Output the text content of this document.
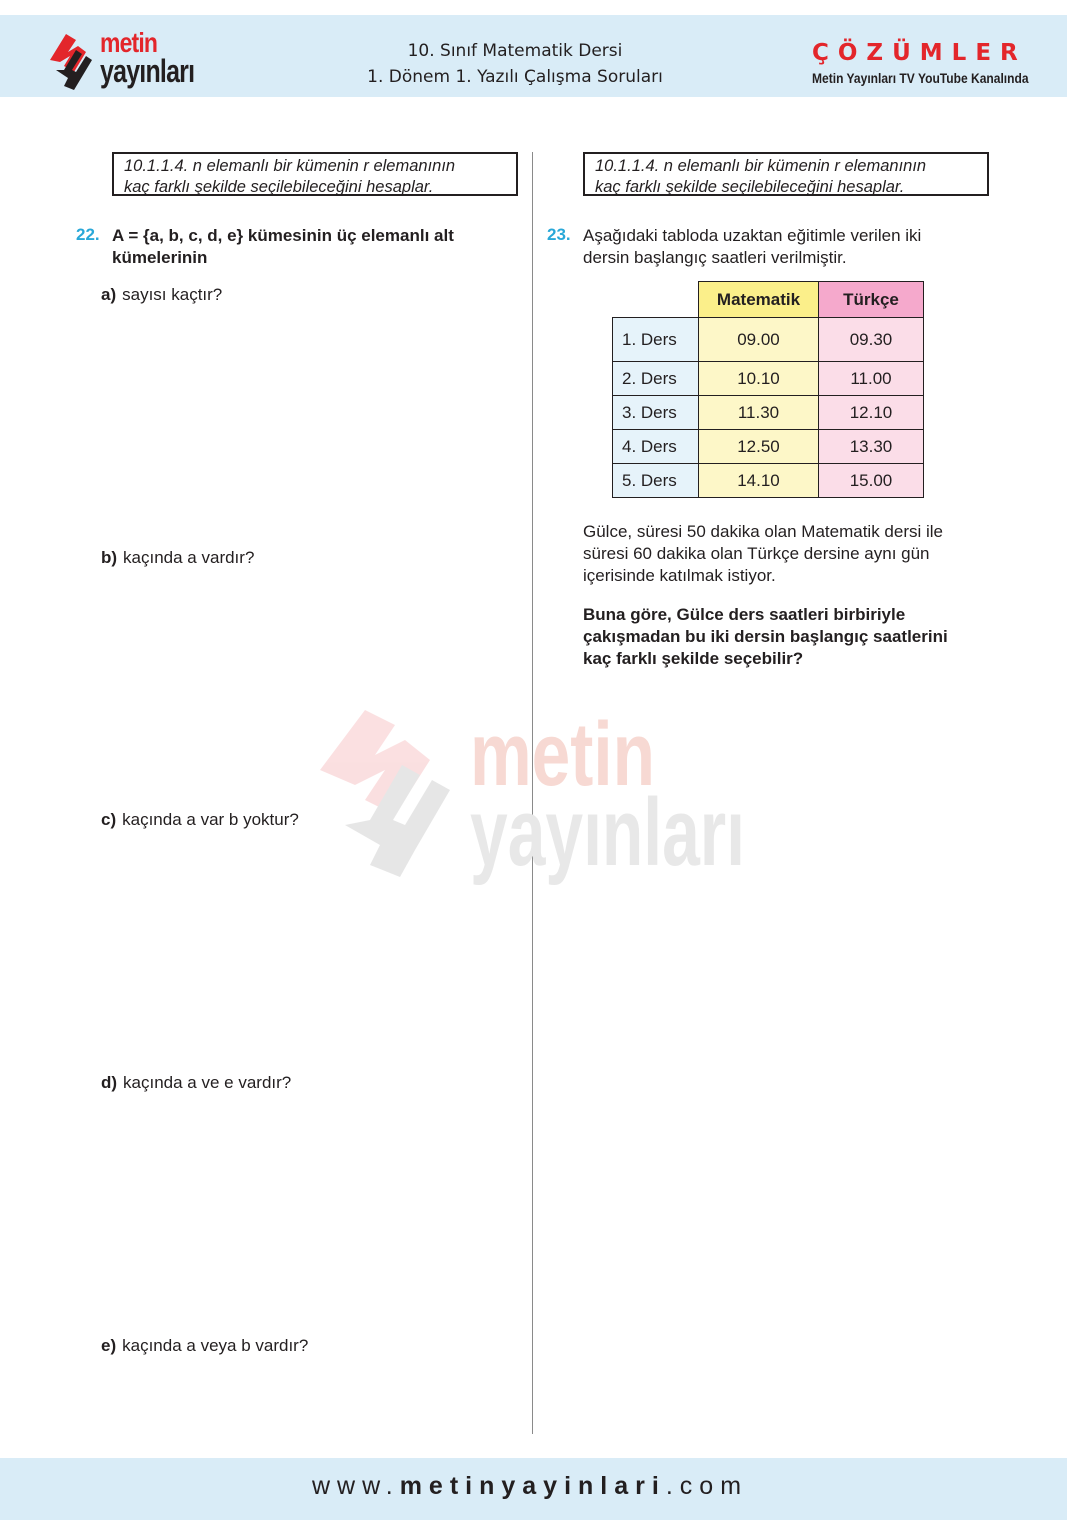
metin
yayınları
10. Sınıf Matematik Dersi
1. Dönem 1. Yazılı Çalışma Soruları
ÇÖZÜMLER
Metin Yayınları TV YouTube Kanalında
10.1.1.4. n elemanlı bir kümenin r elemanının
kaç farklı şekilde seçilebileceğini hesaplar.
22. A = {a, b, c, d, e} kümesinin üç elemanlı alt
kümelerinin
a) sayısı kaçtır?
b) kaçında a vardır?
c) kaçında a var b yoktur?
d) kaçında a ve e vardır?
e) kaçında a veya b vardır?
10.1.1.4. n elemanlı bir kümenin r elemanının
kaç farklı şekilde seçilebileceğini hesaplar.
23. Aşağıdaki tabloda uzaktan eğitimle verilen iki
dersin başlangıç saatleri verilmiştir.
	Matematik	Türkçe
1. Ders	09.00	09.30
2. Ders	10.10	11.00
3. Ders	11.30	12.10
4. Ders	12.50	13.30
5. Ders	14.10	15.00
Gülce, süresi 50 dakika olan Matematik dersi ile
süresi 60 dakika olan Türkçe dersine aynı gün
içerisinde katılmak istiyor.
Buna göre, Gülce ders saatleri birbiriyle
çakışmadan bu iki dersin başlangıç saatlerini
kaç farklı şekilde seçebilir?
metin
yayınları
www.metinyayinlari.com
